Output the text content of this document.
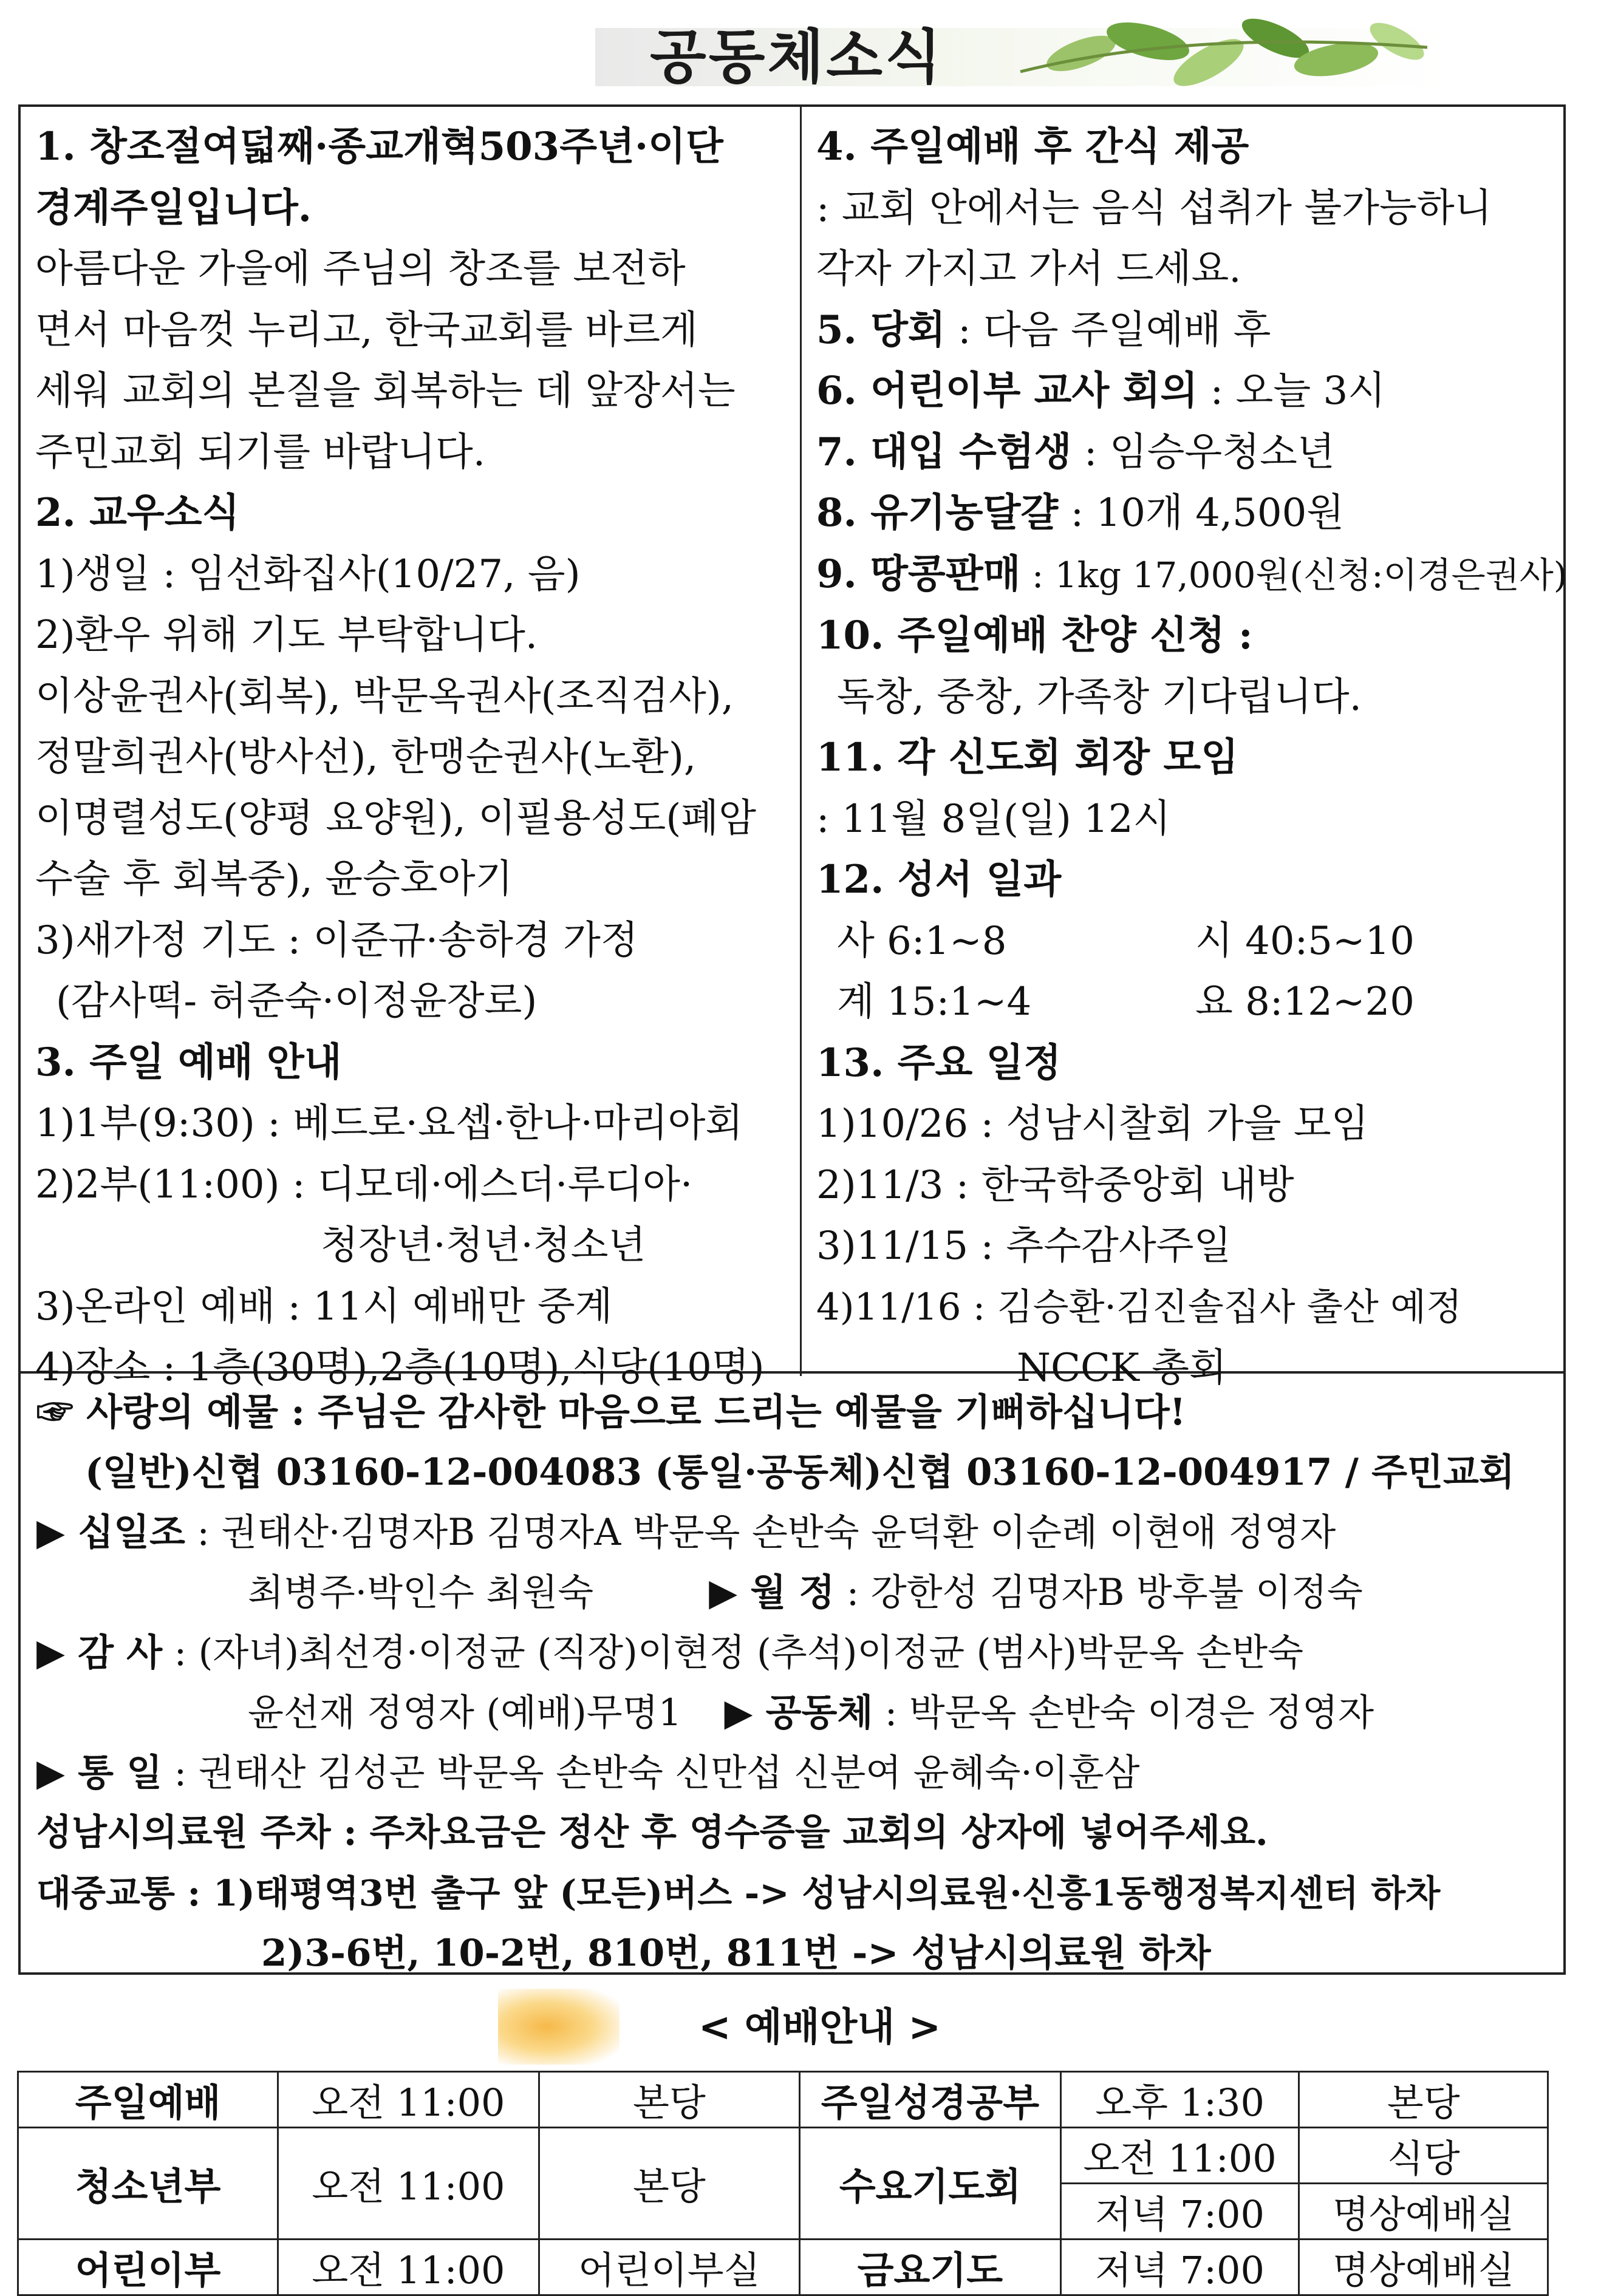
공동체소식
1. 창조절여덟째·종교개혁503주년·이단
경계주일입니다.
아름다운 가을에 주님의 창조를 보전하
면서 마음껏 누리고, 한국교회를 바르게
세워 교회의 본질을 회복하는 데 앞장서는
주민교회 되기를 바랍니다.
2. 교우소식
1)생일 : 임선화집사(10/27, 음)
2)환우 위해 기도 부탁합니다.
이상윤권사(회복), 박문옥권사(조직검사),
정말희권사(방사선), 한맹순권사(노환),
이명렬성도(양평 요양원), 이필용성도(폐암
수술 후 회복중), 윤승호아기
3)새가정 기도 : 이준규·송하경 가정
(감사떡- 허준숙·이정윤장로)
3. 주일 예배 안내
1)1부(9:30) : 베드로·요셉·한나·마리아회
2)2부(11:00) : 디모데·에스더·루디아·
청장년·청년·청소년
3)온라인 예배 : 11시 예배만 중계
4)장소 : 1층(30명),2층(10명),식당(10명)
4. 주일예배 후 간식 제공
: 교회 안에서는 음식 섭취가 불가능하니
각자 가지고 가서 드세요.
5. 당회 : 다음 주일예배 후
6. 어린이부 교사 회의 : 오늘 3시
7. 대입 수험생 : 임승우청소년
8. 유기농달걀 : 10개 4,500원
9. 땅콩판매 : 1kg 17,000원(신청:이경은권사)
10. 주일예배 찬양 신청 :
독창, 중창, 가족창 기다립니다.
11. 각 신도회 회장 모임
: 11월 8일(일) 12시
12. 성서 일과
사 6:1~8	시 40:5~10
계 15:1~4	요 8:12~20
13. 주요 일정
1)10/26 : 성남시찰회 가을 모임
2)11/3 : 한국학중앙회 내방
3)11/15 : 추수감사주일
4)11/16 : 김승환·김진솔집사 출산 예정
NCCK 총회
☞ 사랑의 예물 : 주님은 감사한 마음으로 드리는 예물을 기뻐하십니다!
(일반)신협 03160-12-004083 (통일·공동체)신협 03160-12-004917 / 주민교회
▶ 십일조 : 권태산·김명자B 김명자A 박문옥 손반숙 윤덕환 이순례 이현애 정영자
최병주·박인수 최원숙	▶ 월 정 : 강한성 김명자B 방후불 이정숙
▶ 감 사 : (자녀)최선경·이정균 (직장)이현정 (추석)이정균 (범사)박문옥 손반숙
윤선재 정영자 (예배)무명1 ▶ 공동체 : 박문옥 손반숙 이경은 정영자
▶ 통 일 : 권태산 김성곤 박문옥 손반숙 신만섭 신분여 윤혜숙·이훈삼
성남시의료원 주차 : 주차요금은 정산 후 영수증을 교회의 상자에 넣어주세요.
대중교통 : 1)태평역3번 출구 앞 (모든)버스 -> 성남시의료원·신흥1동행정복지센터 하차
2)3-6번, 10-2번, 810번, 811번 -> 성남시의료원 하차
< 예배안내 >
주일예배	오전 11:00	본당	주일성경공부	오후 1:30	본당
청소년부	오전 11:00	본당	수요기도회	오전 11:00	식당
				저녁 7:00	명상예배실
어린이부	오전 11:00	어린이부실	금요기도	저녁 7:00	명상예배실
